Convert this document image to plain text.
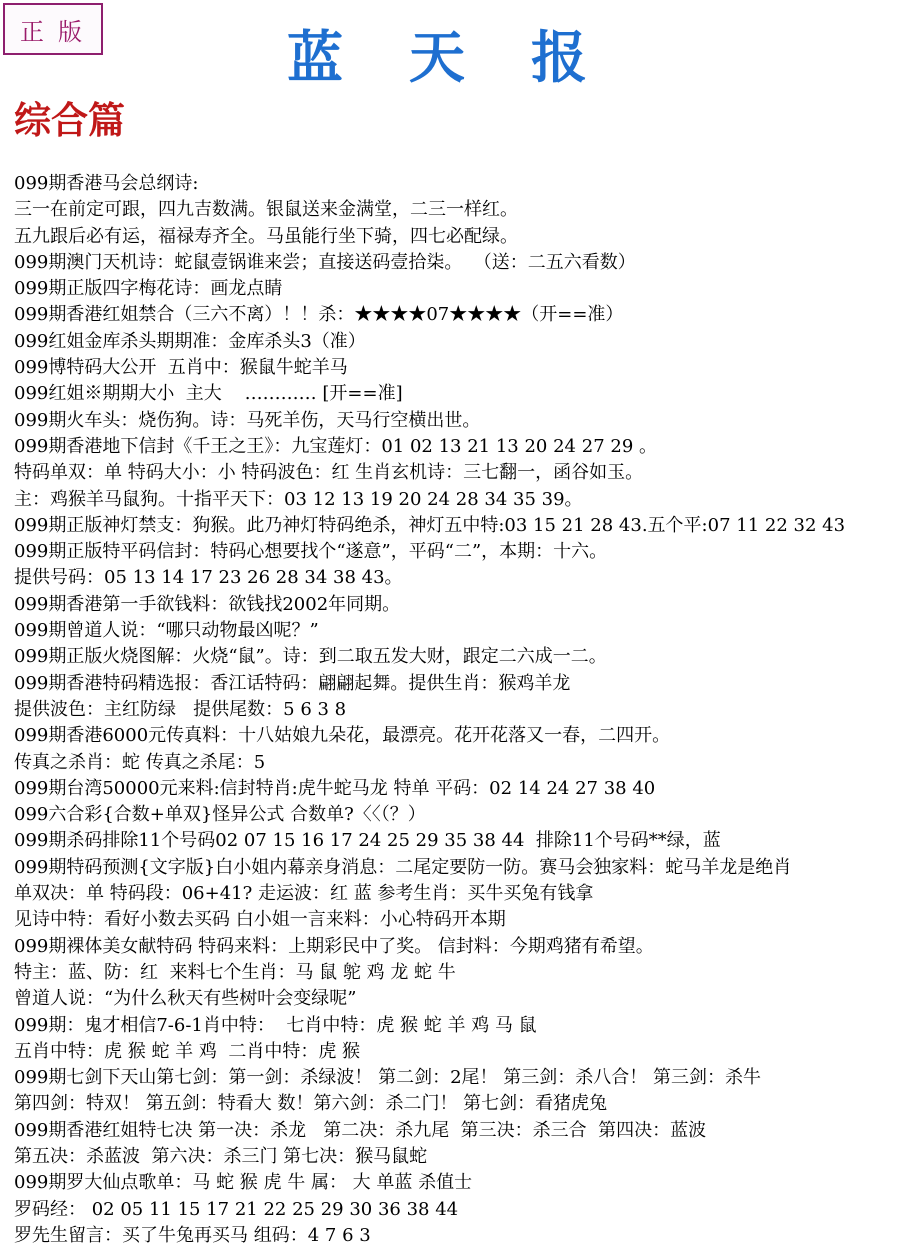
正版	蓝天报
综合篇
099期香港马会总纲诗:
三一在前定可跟，四九吉数满。银鼠送来金满堂，二三一样红。
五九跟后必有运，福禄寿齐全。马虽能行坐下骑，四七必配绿。
099期澳门天机诗：蛇鼠壹锅谁来尝；直接送码壹拾柒。  （送：二五六看数）
099期正版四字梅花诗：画龙点睛
099期香港红姐禁合（三六不离）！！杀：★★★★07★★★★（开==准）
099红姐金库杀头期期准：金库杀头3（准）
099博特码大公开  五肖中：猴鼠牛蛇羊马
099红姐※期期大小  主大    ………… [开==准]
099期火车头：烧伤狗。诗：马死羊伤，天马行空横出世。
099期香港地下信封《千王之王》：九宝莲灯：01 02 13 21 13 20 24 27 29 。
特码单双：单 特码大小：小 特码波色：红 生肖玄机诗：三七翻一，函谷如玉。
主：鸡猴羊马鼠狗。十指平天下：03 12 13 19 20 24 28 34 35 39。
099期正版神灯禁支：狗猴。此乃神灯特码绝杀，神灯五中特:03 15 21 28 43.五个平:07 11 22 32 43
099期正版特平码信封：特码心想要找个“遂意”，平码“二”，本期：十六。
提供号码：05 13 14 17 23 26 28 34 38 43。
099期香港第一手欲钱料：欲钱找2002年同期。
099期曾道人说：“哪只动物最凶呢？”
099期正版火烧图解：火烧“鼠”。诗：到二取五发大财，跟定二六成一二。
099期香港特码精选报：香江话特码：翩翩起舞。提供生肖：猴鸡羊龙
提供波色：主红防绿   提供尾数：5 6 3 8
099期香港6000元传真料：十八姑娘九朵花，最漂亮。花开花落又一春，二四开。
传真之杀肖：蛇 传真之杀尾：5
099期台湾50000元来料:信封特肖:虎牛蛇马龙 特单 平码：02 14 24 27 38 40
099六合彩{合数+单双}怪异公式 合数单?〈〈（？）
099期杀码排除11个号码02 07 15 16 17 24 25 29 35 38 44  排除11个号码**绿，蓝
099期特码预测{文字版}白小姐内幕亲身消息：二尾定要防一防。赛马会独家料：蛇马羊龙是绝肖
单双决：单 特码段：06+41? 走运波：红 蓝 参考生肖：买牛买兔有钱拿
见诗中特：看好小数去买码 白小姐一言来料：小心特码开本期
099期裸体美女献特码 特码来料：上期彩民中了奖。 信封料：今期鸡猪有希望。
特主：蓝、防：红  来料七个生肖：马 鼠 鸵 鸡 龙 蛇 牛
曾道人说：“为什么秋天有些树叶会变绿呢”
099期：鬼才相信7-6-1肖中特：  七肖中特：虎 猴 蛇 羊 鸡 马 鼠
五肖中特：虎 猴 蛇 羊 鸡  二肖中特：虎 猴
099期七剑下天山第七剑：第一剑：杀绿波！ 第二剑：2尾！ 第三剑：杀八合！ 第三剑：杀牛
第四剑：特双！ 第五剑：特看大 数！第六剑：杀二门！ 第七剑：看猪虎兔
099期香港红姐特七决 第一决：杀龙   第二决：杀九尾  第三决：杀三合  第四决：蓝波
第五决：杀蓝波  第六决：杀三门 第七决：猴马鼠蛇
099期罗大仙点歌单：马 蛇 猴 虎 牛 属： 大 单蓝 杀值士
罗码经： 02 05 11 15 17 21 22 25 29 30 36 38 44
罗先生留言：买了牛兔再买马 组码：4 7 6 3
